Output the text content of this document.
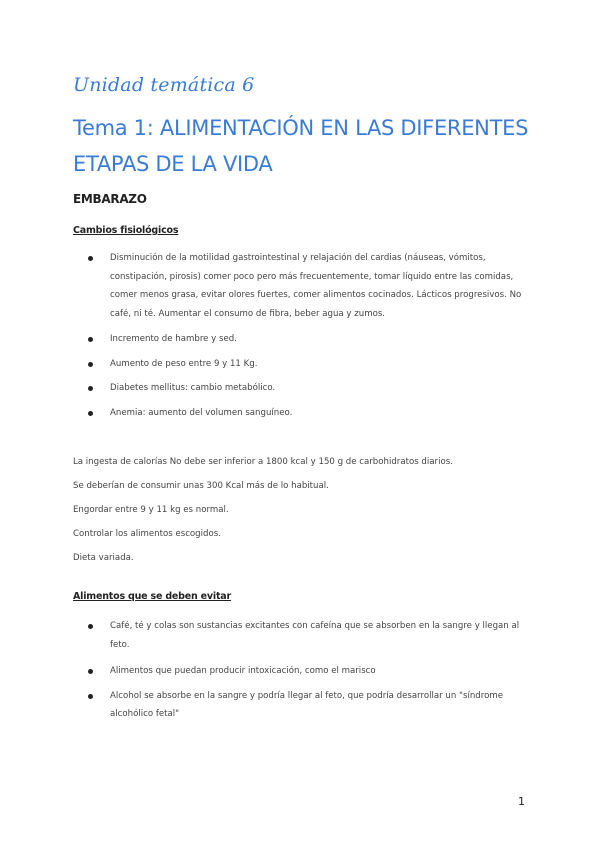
Unidad temática 6
Tema 1: ALIMENTACIÓN EN LAS DIFERENTES ETAPAS DE LA VIDA
EMBARAZO
Cambios fisiológicos
Disminución de la motilidad gastrointestinal y relajación del cardias (náuseas, vómitos, constipación, pirosis) comer poco pero más frecuentemente, tomar líquido entre las comidas, comer menos grasa, evitar olores fuertes, comer alimentos cocinados. Lácticos progresivos. No café, ni té. Aumentar el consumo de fibra, beber agua y zumos.
Incremento de hambre y sed.
Aumento de peso entre 9 y 11 Kg.
Diabetes mellitus: cambio metabólico.
Anemia: aumento del volumen sanguíneo.

La ingesta de calorías No debe ser inferior a 1800 kcal y 150 g de carbohidratos diarios.

Se deberían de consumir unas 300 Kcal más de lo habitual.

Engordar entre 9 y 11 kg es normal.

Controlar los alimentos escogidos.

Dieta variada.

Alimentos que se deben evitar
Café, té y colas son sustancias excitantes con cafeína que se absorben en la sangre y llegan al feto.
Alimentos que puedan producir intoxicación, como el marisco
Alcohol se absorbe en la sangre y podría llegar al feto, que podría desarrollar un "síndrome alcohólico fetal"
1
